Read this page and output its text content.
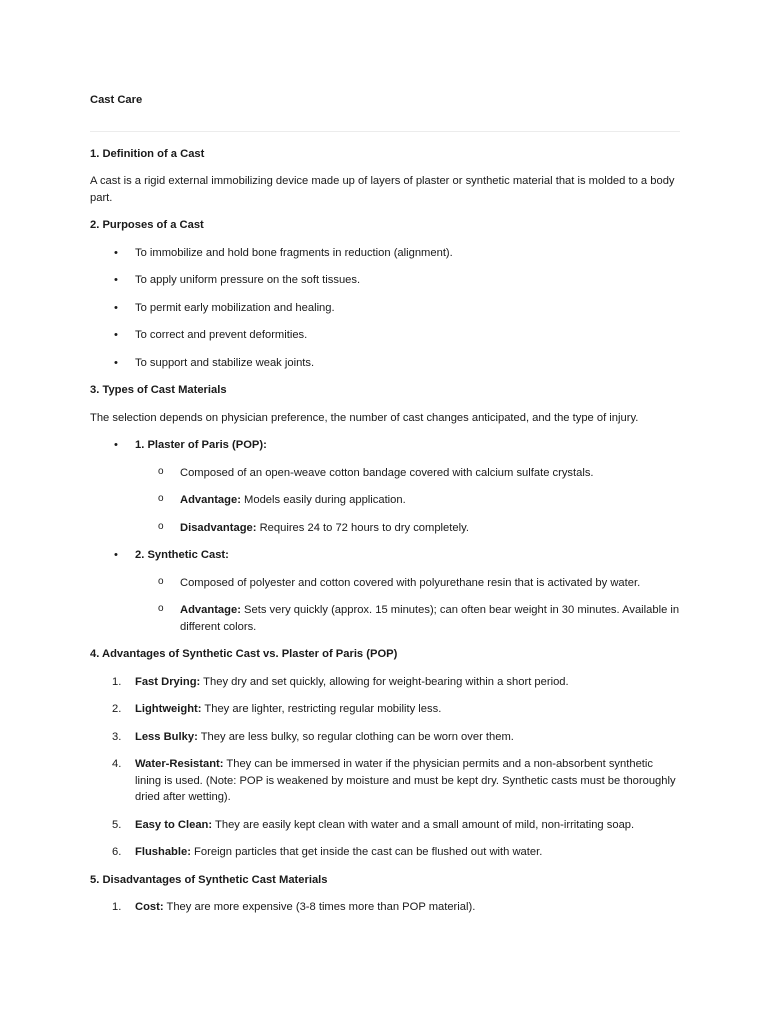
Cast Care

1. Definition of a Cast

A cast is a rigid external immobilizing device made up of layers of plaster or synthetic material that is molded to a body part.

2. Purposes of a Cast
• To immobilize and hold bone fragments in reduction (alignment).
• To apply uniform pressure on the soft tissues.
• To permit early mobilization and healing.
• To correct and prevent deformities.
• To support and stabilize weak joints.
3. Types of Cast Materials

The selection depends on physician preference, the number of cast changes anticipated, and the type of injury.

• 1. Plaster of Paris (POP):
o Composed of an open-weave cotton bandage covered with calcium sulfate crystals.
o Advantage: Models easily during application.
o Disadvantage: Requires 24 to 72 hours to dry completely.
• 2. Synthetic Cast:
o Composed of polyester and cotton covered with polyurethane resin that is activated by water.
o Advantage: Sets very quickly (approx. 15 minutes); can often bear weight in 30 minutes. Available in different colors.
4. Advantages of Synthetic Cast vs. Plaster of Paris (POP)
1. Fast Drying: They dry and set quickly, allowing for weight-bearing within a short period.
2. Lightweight: They are lighter, restricting regular mobility less.
3. Less Bulky: They are less bulky, so regular clothing can be worn over them.
4. Water-Resistant: They can be immersed in water if the physician permits and a non-absorbent synthetic lining is used. (Note: POP is weakened by moisture and must be kept dry. Synthetic casts must be thoroughly dried after wetting).
5. Easy to Clean: They are easily kept clean with water and a small amount of mild, non-irritating soap.
6. Flushable: Foreign particles that get inside the cast can be flushed out with water.
5. Disadvantages of Synthetic Cast Materials
1. Cost: They are more expensive (3-8 times more than POP material).
